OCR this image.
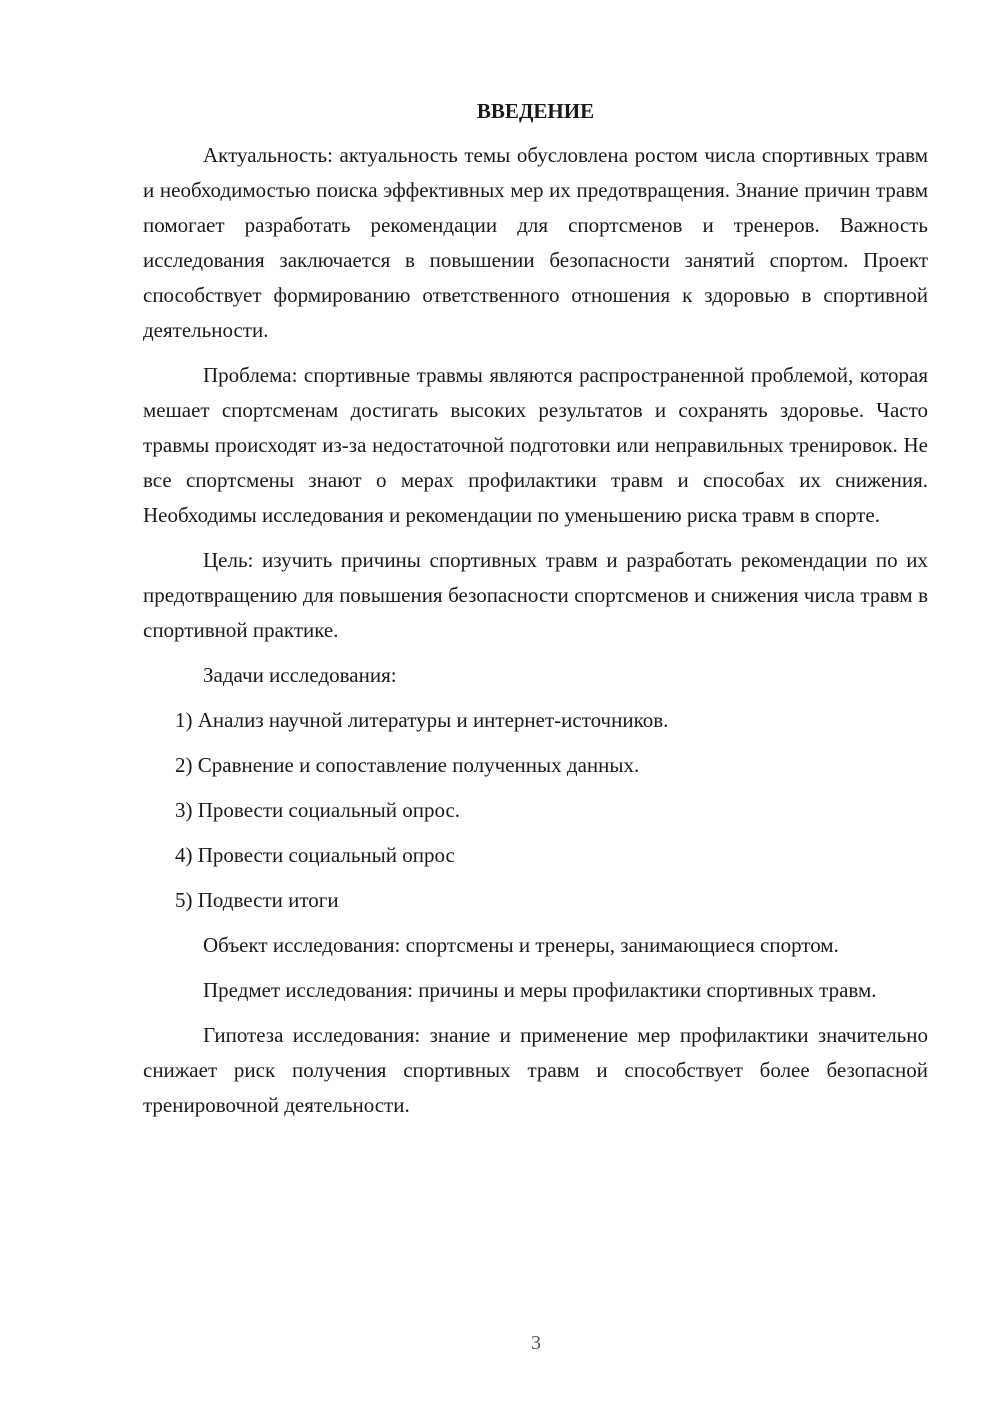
ВВЕДЕНИЕ

Актуальность: актуальность темы обусловлена ростом числа спортивных травм и необходимостью поиска эффективных мер их предотвращения. Знание причин травм помогает разработать рекомендации для спортсменов и тренеров. Важность исследования заключается в повышении безопасности занятий спортом. Проект способствует формированию ответственного отношения к здоровью в спортивной деятельности.

Проблема: спортивные травмы являются распространенной проблемой, которая мешает спортсменам достигать высоких результатов и сохранять здоровье. Часто травмы происходят из-за недостаточной подготовки или неправильных тренировок. Не все спортсмены знают о мерах профилактики травм и способах их снижения. Необходимы исследования и рекомендации по уменьшению риска травм в спорте.

Цель: изучить причины спортивных травм и разработать рекомендации по их предотвращению для повышения безопасности спортсменов и снижения числа травм в спортивной практике.

Задачи исследования:

1) Анализ научной литературы и интернет-источников.
2) Сравнение и сопоставление полученных данных.
3) Провести социальный опрос.
4) Провести социальный опрос
5) Подвести итоги

Объект исследования: спортсмены и тренеры, занимающиеся спортом.

Предмет исследования: причины и меры профилактики спортивных травм.

Гипотеза исследования: знание и применение мер профилактики значительно снижает риск получения спортивных травм и способствует более безопасной тренировочной деятельности.

3
